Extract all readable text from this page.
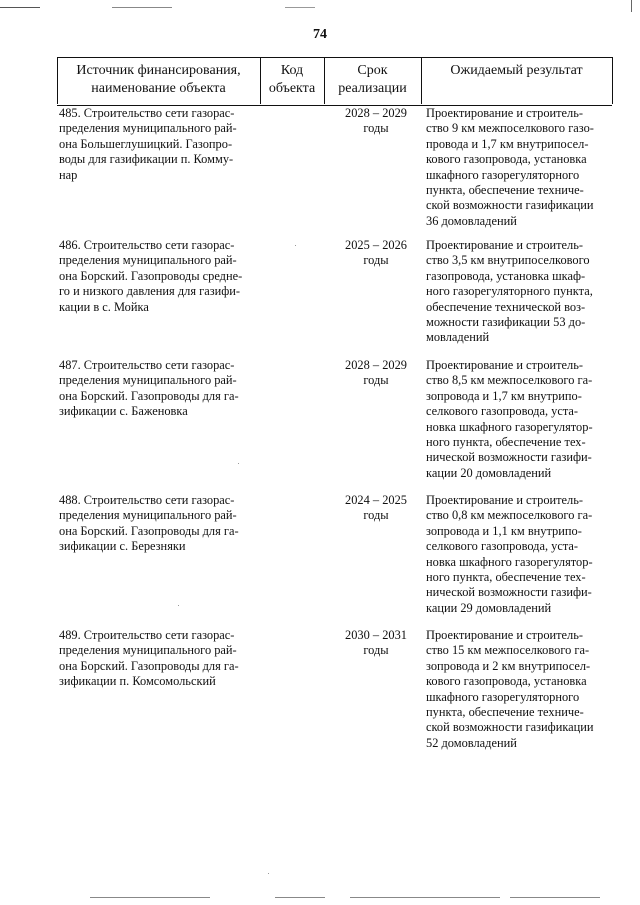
74
Источник финансирования,
наименование объекта
Код
объекта
Срок
реализации
Ожидаемый результат
485. Строительство сети газорас-
пределения муниципального рай-
она Большеглушицкий. Газопро-
воды для газификации п. Комму-
нар
2028 – 2029
годы
Проектирование и строитель-
ство 9 км межпоселкового газо-
провода и 1,7 км внутрипосел-
кового газопровода, установка
шкафного газорегуляторного
пункта, обеспечение техниче-
ской возможности газификации
36 домовладений
486. Строительство сети газорас-
пределения муниципального рай-
она Борский. Газопроводы средне-
го и низкого давления для газифи-
кации в с. Мойка
2025 – 2026
годы
Проектирование и строитель-
ство 3,5 км внутрипоселкового
газопровода, установка шкаф-
ного газорегуляторного пункта,
обеспечение технической воз-
можности газификации 53 до-
мовладений
487. Строительство сети газорас-
пределения муниципального рай-
она Борский. Газопроводы для га-
зификации с. Баженовка
2028 – 2029
годы
Проектирование и строитель-
ство 8,5 км межпоселкового га-
зопровода и 1,7 км внутрипо-
селкового газопровода, уста-
новка шкафного газорегулятор-
ного пункта, обеспечение тех-
нической возможности газифи-
кации 20 домовладений
488. Строительство сети газорас-
пределения муниципального рай-
она Борский. Газопроводы для га-
зификации с. Березняки
2024 – 2025
годы
Проектирование и строитель-
ство 0,8 км межпоселкового га-
зопровода и 1,1 км внутрипо-
селкового газопровода, уста-
новка шкафного газорегулятор-
ного пункта, обеспечение тех-
нической возможности газифи-
кации 29 домовладений
489. Строительство сети газорас-
пределения муниципального рай-
она Борский. Газопроводы для га-
зификации п. Комсомольский
2030 – 2031
годы
Проектирование и строитель-
ство 15 км межпоселкового га-
зопровода и 2 км внутрипосел-
кового газопровода, установка
шкафного газорегуляторного
пункта, обеспечение техниче-
ской возможности газификации
52 домовладений
